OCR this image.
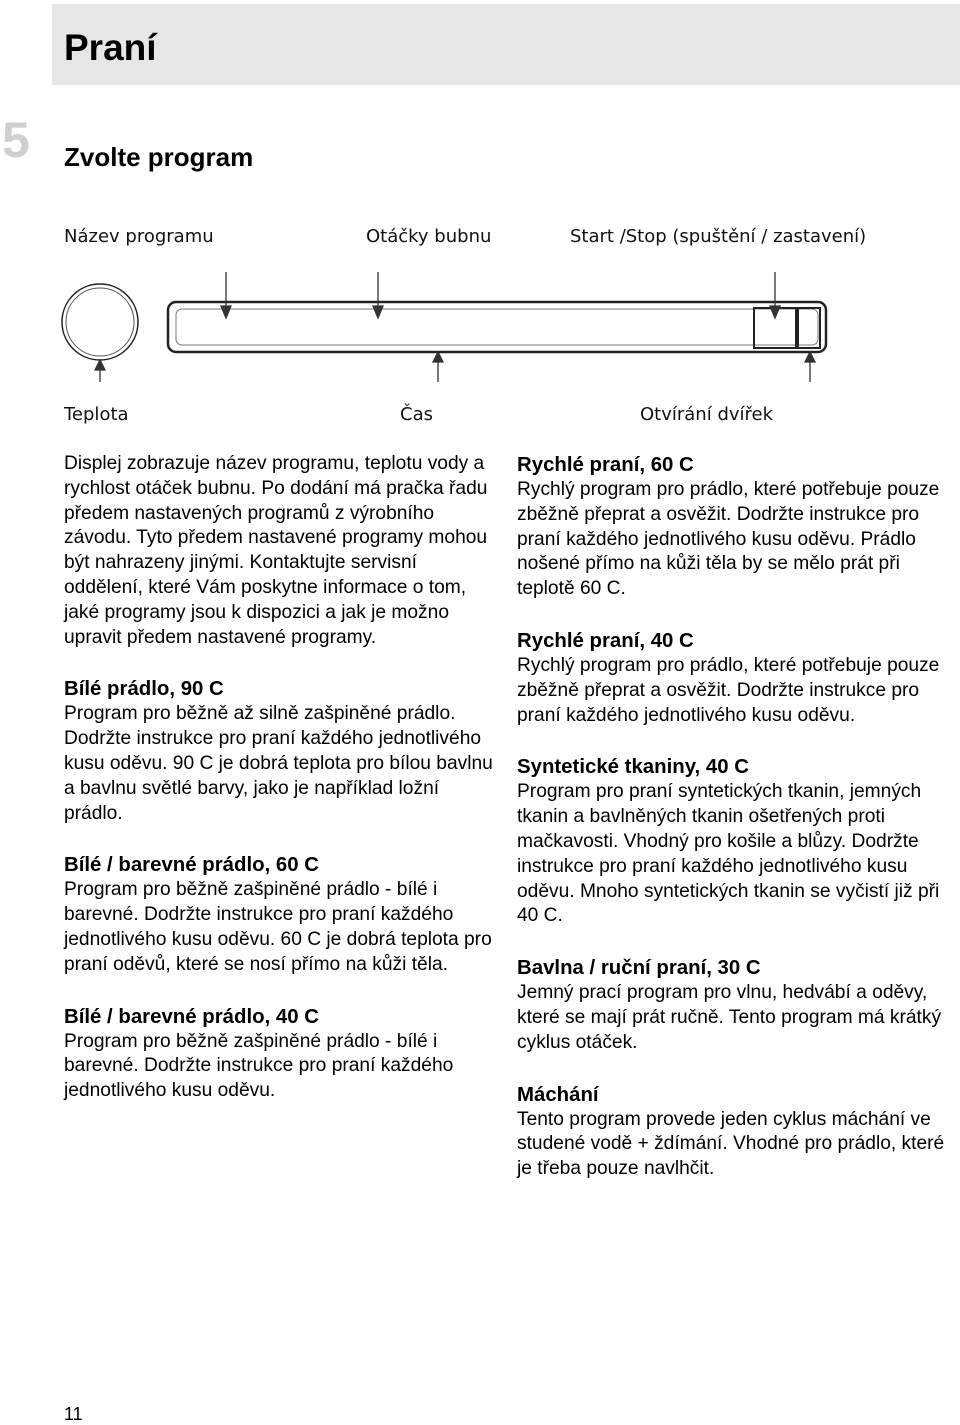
Praní
5 Zvolte program
Název programu	Otáčky bubnu	Start /Stop (spuštění / zastavení)
Teplota	Čas	Otvírání dvířek

Displej zobrazuje název programu, teplotu vody a rychlost otáček bubnu. Po dodání má pračka řadu předem nastavených programů z výrobního závodu. Tyto předem nastavené programy mohou být nahrazeny jinými. Kontaktujte servisní oddělení, které Vám poskytne informace o tom, jaké programy jsou k dispozici a jak je možno upravit předem nastavené programy.

Bílé prádlo, 90 C

Program pro běžně až silně zašpiněné prádlo. Dodržte instrukce pro praní každého jednotlivého kusu oděvu. 90 C je dobrá teplota pro bílou bavlnu a bavlnu světlé barvy, jako je například ložní prádlo.

Bílé / barevné prádlo, 60 C

Program pro běžně zašpiněné prádlo - bílé i barevné. Dodržte instrukce pro praní každého jednotlivého kusu oděvu. 60 C je dobrá teplota pro praní oděvů, které se nosí přímo na kůži těla.

Bílé / barevné prádlo, 40 C

Program pro běžně zašpiněné prádlo - bílé i barevné. Dodržte instrukce pro praní každého jednotlivého kusu oděvu.

Rychlé praní, 60 C

Rychlý program pro prádlo, které potřebuje pouze zběžně přeprat a osvěžit. Dodržte instrukce pro praní každého jednotlivého kusu oděvu. Prádlo nošené přímo na kůži těla by se mělo prát při teplotě 60 C.

Rychlé praní, 40 C

Rychlý program pro prádlo, které potřebuje pouze zběžně přeprat a osvěžit. Dodržte instrukce pro praní každého jednotlivého kusu oděvu.

Syntetické tkaniny, 40 C

Program pro praní syntetických tkanin, jemných tkanin a bavlněných tkanin ošetřených proti mačkavosti. Vhodný pro košile a blůzy. Dodržte instrukce pro praní každého jednotlivého kusu oděvu. Mnoho syntetických tkanin se vyčistí již při 40 C.

Bavlna / ruční praní, 30 C

Jemný prací program pro vlnu, hedvábí a oděvy, které se mají prát ručně. Tento program má krátký cyklus otáček.

Máchání

Tento program provede jeden cyklus máchání ve studené vodě + ždímání. Vhodné pro prádlo, které je třeba pouze navlhčit.

11
